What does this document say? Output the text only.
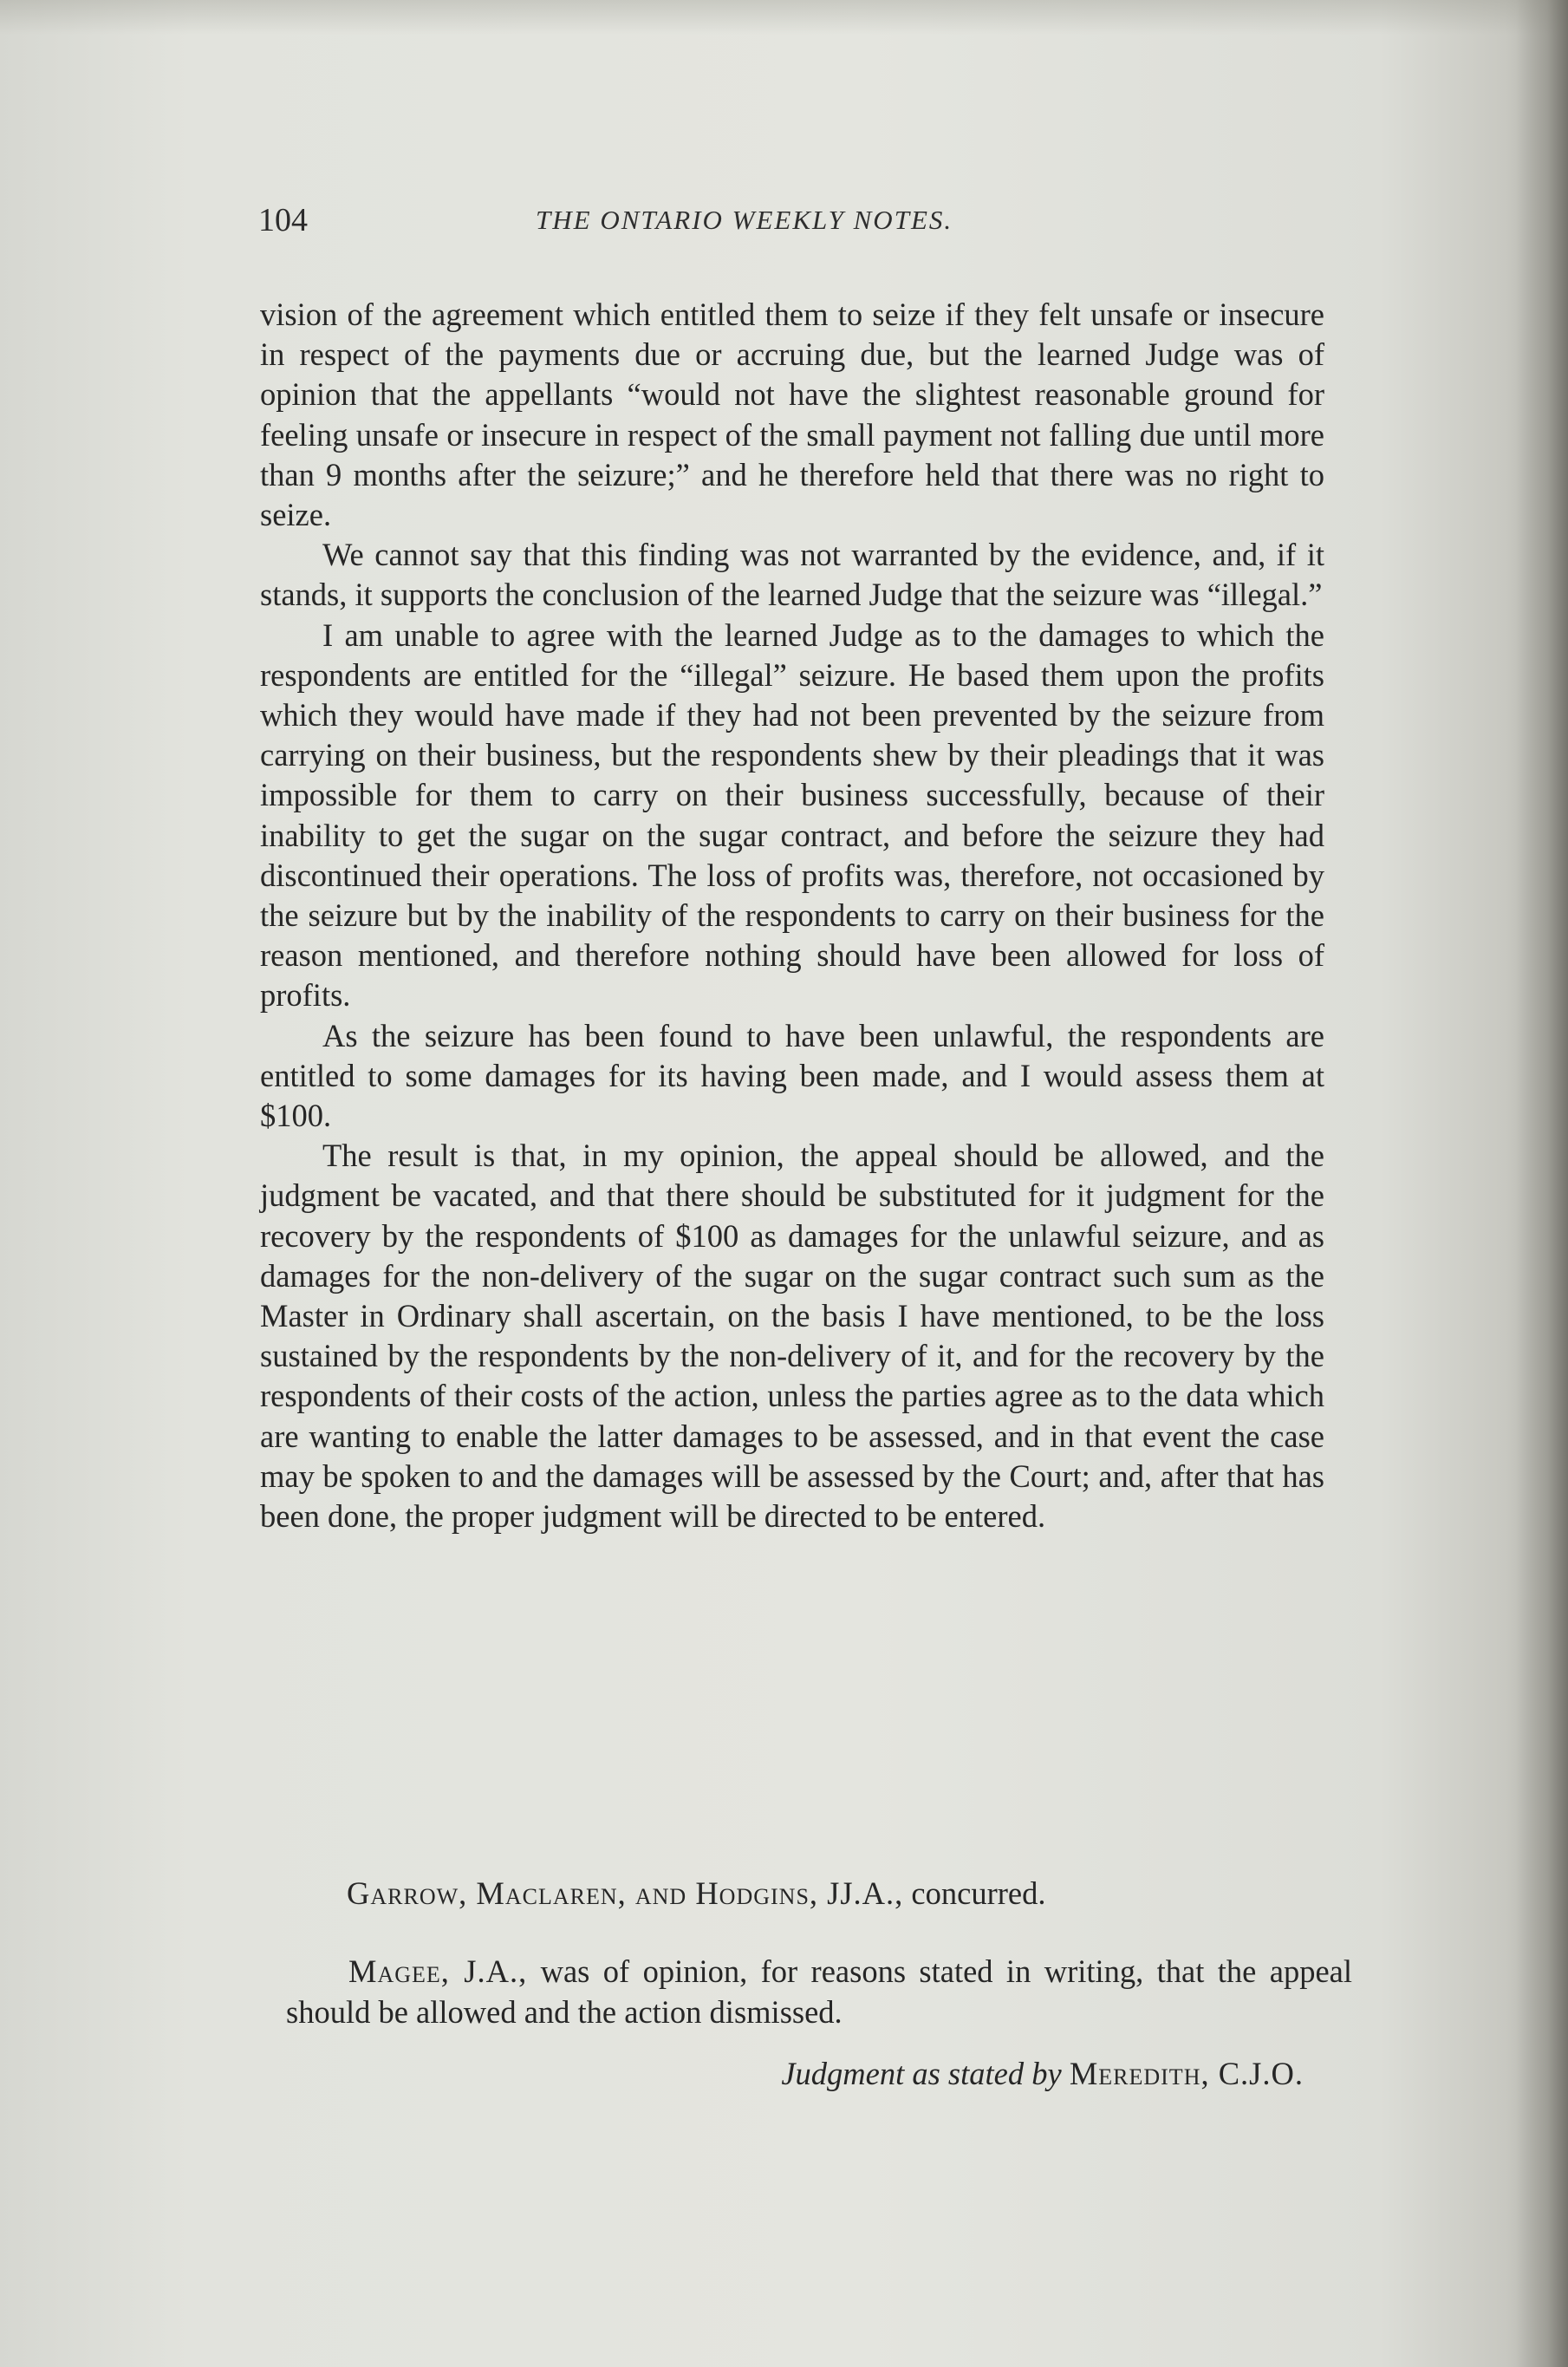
104	THE ONTARIO WEEKLY NOTES.

vision of the agreement which entitled them to seize if they felt unsafe or insecure in respect of the payments due or accruing due, but the learned Judge was of opinion that the appellants “would not have the slightest reasonable ground for feeling unsafe or insecure in respect of the small payment not falling due until more than 9 months after the seizure;” and he therefore held that there was no right to seize.

We cannot say that this finding was not warranted by the evidence, and, if it stands, it supports the conclusion of the learned Judge that the seizure was “illegal.”

I am unable to agree with the learned Judge as to the damages to which the respondents are entitled for the “illegal” seizure. He based them upon the profits which they would have made if they had not been prevented by the seizure from carrying on their business, but the respondents shew by their pleadings that it was impossible for them to carry on their business successfully, because of their inability to get the sugar on the sugar contract, and before the seizure they had discontinued their operations. The loss of profits was, therefore, not occasioned by the seizure but by the inability of the respondents to carry on their business for the reason mentioned, and therefore nothing should have been allowed for loss of profits.

As the seizure has been found to have been unlawful, the respondents are entitled to some damages for its having been made, and I would assess them at $100.

The result is that, in my opinion, the appeal should be allowed, and the judgment be vacated, and that there should be substituted for it judgment for the recovery by the respondents of $100 as damages for the unlawful seizure, and as damages for the non-delivery of the sugar on the sugar contract such sum as the Master in Ordinary shall ascertain, on the basis I have mentioned, to be the loss sustained by the respondents by the non-delivery of it, and for the recovery by the respondents of their costs of the action, unless the parties agree as to the data which are wanting to enable the latter damages to be assessed, and in that event the case may be spoken to and the damages will be assessed by the Court; and, after that has been done, the proper judgment will be directed to be entered.

Garrow, Maclaren, and Hodgins, JJ.A., concurred.
Magee, J.A., was of opinion, for reasons stated in writing, that the appeal should be allowed and the action dismissed.
Judgment as stated by Meredith, C.J.O.
